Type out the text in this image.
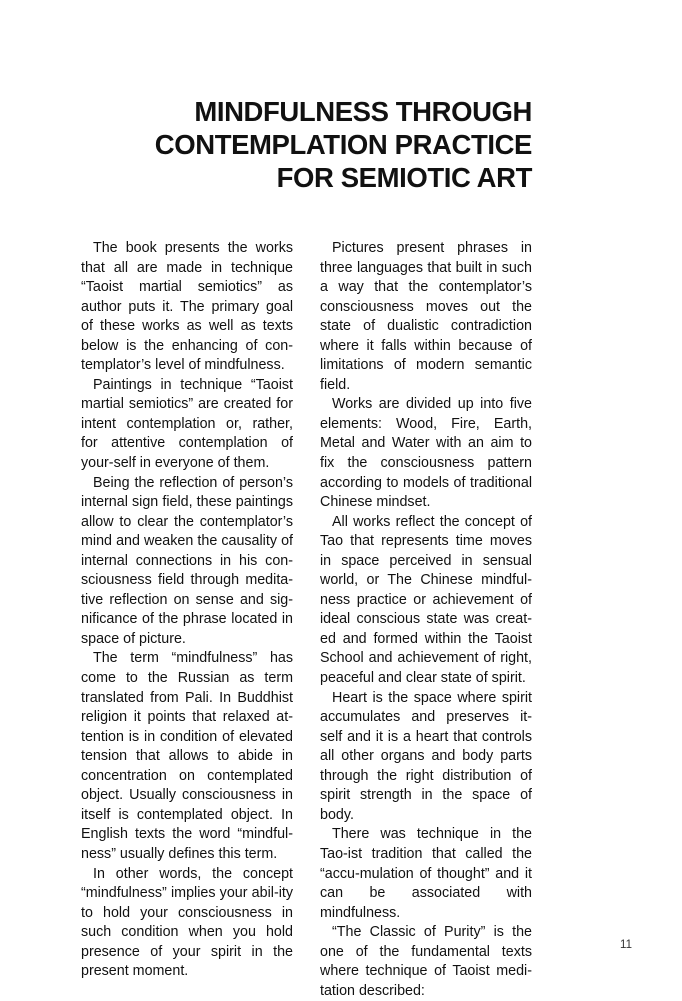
MINDFULNESS THROUGH
CONTEMPLATION PRACTICE
FOR SEMIOTIC ART

The book presents the works that all are made in technique “Taoist martial semiotics” as author puts it. The primary goal of these works as well as texts below is the enhancing of con-templator’s level of mindfulness.

Paintings in technique “Taoist martial semiotics” are created for intent contemplation or, rather, for attentive contemplation of your-self in everyone of them.

Being the reflection of person’s internal sign field, these paintings allow to clear the contemplator’s mind and weaken the causality of internal connections in his con-sciousness field through medita-tive reflection on sense and sig-nificance of the phrase located in space of picture.

The term “mindfulness” has come to the Russian as term translated from Pali. In Buddhist religion it points that relaxed at-tention is in condition of elevated tension that allows to abide in concentration on contemplated object. Usually consciousness in itself is contemplated object. In English texts the word “mindful-ness” usually defines this term.

In other words, the concept “mindfulness” implies your abil-ity to hold your consciousness in such condition when you hold presence of your spirit in the present moment.

Pictures present phrases in three languages that built in such a way that the contemplator’s consciousness moves out the state of dualistic contradiction where it falls within because of limitations of modern semantic field.

Works are divided up into five elements: Wood, Fire, Earth, Metal and Water with an aim to fix the consciousness pattern according to models of traditional Chinese mindset.

All works reflect the concept of Tao that represents time moves in space perceived in sensual world, or The Chinese mindful-ness practice or achievement of ideal conscious state was creat-ed and formed within the Taoist School and achievement of right, peaceful and clear state of spirit.

Heart is the space where spirit accumulates and preserves it-self and it is a heart that controls all other organs and body parts through the right distribution of spirit strength in the space of body.

There was technique in the Tao-ist tradition that called the “accu-mulation of thought” and it can be associated with mindfulness.

“The Classic of Purity” is the one of the fundamental texts where technique of Taoist medi-tation described:

11
